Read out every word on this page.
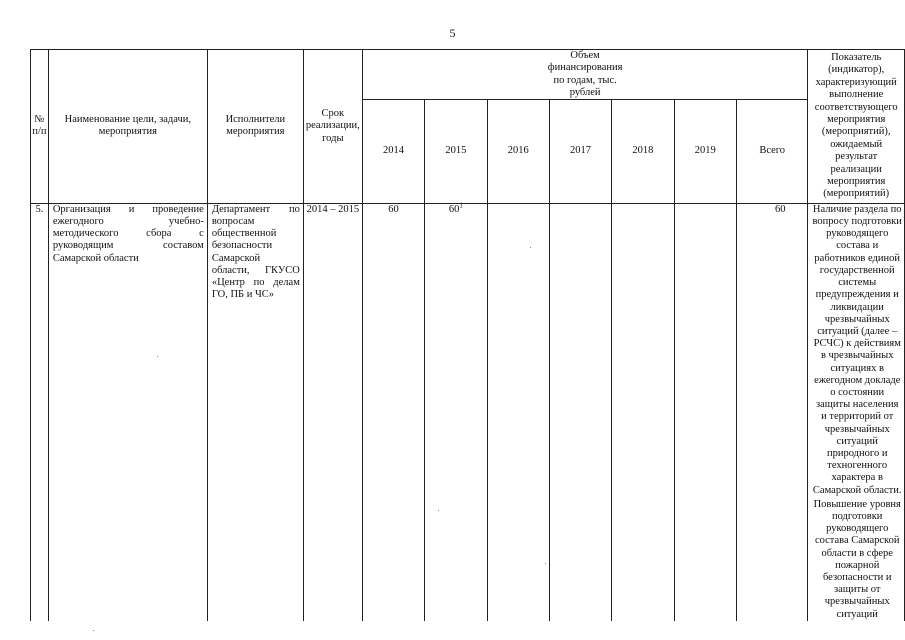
5
№ п/п	Наименование цели, задачи, мероприятия	Исполнители мероприятия	Срок реализации, годы	Объем финансирования по годам, тыс. рублей							Показатель (индикатор), характеризующий выполнение соответствующего мероприятия (мероприятий), ожидаемый результат реализации мероприятия (мероприятий)
				2014	2015	2016	2017	2018	2019	Всего	
5.	Организация и проведение ежегодного учебно-методического сбора с руководящим составом Самарской области	Департамент по вопросам общественной безопасности Самарской области, ГКУСО «Центр по делам ГО, ПБ и ЧС»	2014 – 2015	60	$60^1$					60	Наличие раздела по вопросу подготовки руководящего состава и работников единой государственной системы предупреждения и ликвидации чрезвычайных ситуаций (далее – РСЧС) к действиям в чрезвычайных ситуациях в ежегодном докладе о состоянии защиты населения и территорий от чрезвычайных ситуаций природного и техногенного характера в Самарской области.
Повышение уровня подготовки руководящего состава Самарской области в сфере пожарной безопасности и защиты от чрезвычайных ситуаций
